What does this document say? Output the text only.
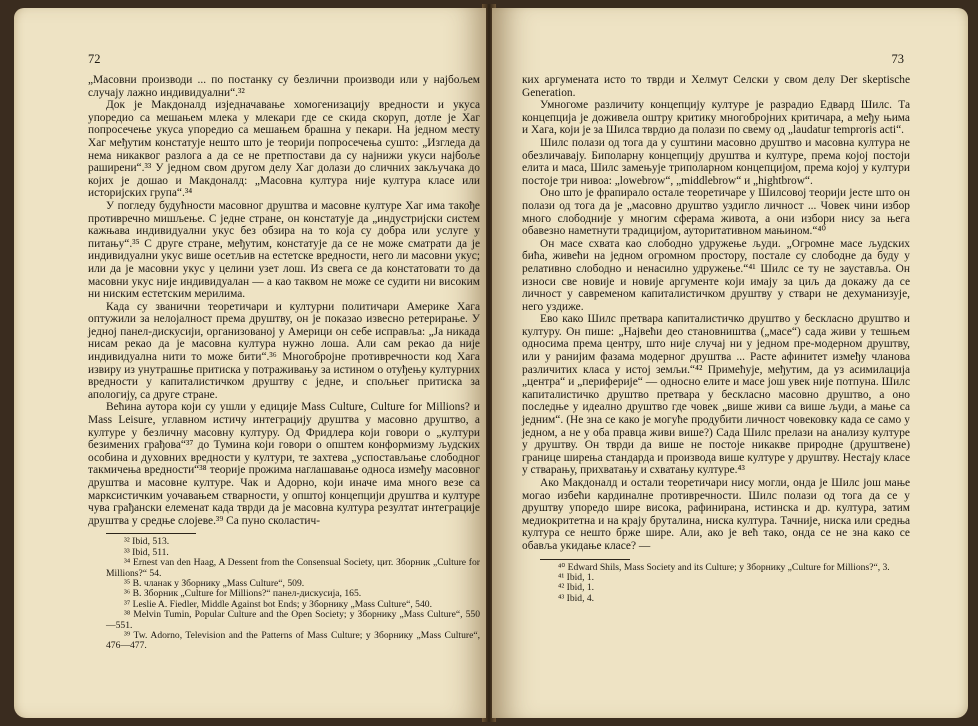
72

„Масовни производи ... по постанку су безлични производи или у најбољем случају лажно индивидуални“.³²

Док је Макдоналд изједначавање хомогенизацију вредности и укуса упоредио са мешањем млека у млекари где се скида скоруп, дотле је Хаг попросечење укуса упоредио са мешањем брашна у пекари. На једном месту Хаг међутим констатује нешто што је теорији попросечења сушто: „Изгледа да нема никаквог разлога а да се не претпостави да су најнижи укуси најбоље раширени“.³³ У једном свом другом делу Хаг долази до сличних закључака до којих је дошао и Макдоналд: „Масовна култура није култура класе или историјских група“.³⁴

У погледу будућности масовног друштва и масовне културе Хаг има такође противречно мишљење. С једне стране, он констатује да „индустријски систем кажњава индивидуални укус без обзира на то која су добра или услуге у питању“.³⁵ С друге стране, међутим, констатује да се не може сматрати да је индивидуални укус више осетљив на естетске вредности, него ли масовни укус; или да је масовни укус у целини узет лош. Из свега се да констатовати то да масовни укус није индивидуалан — а као таквом не може се судити ни високим ни ниским естетским мерилима.

Када су званични теоретичари и културни политичари Америке Хага оптужили за нелојалност према друштву, он је показао извесно ретерирање. У једној панел-дискусији, организованој у Америци он себе исправља: „Ја никада нисам рекао да је масовна култура нужно лоша. Али сам рекао да није индивидуална нити то може бити“.³⁶ Многобројне противречности код Хага извиру из унутрашње притиска у потраживању за истином о отуђењу културних вредности у капиталистичком друштву с једне, и спољњег притиска за апологију, са друге стране.

Већина аутора који су ушли у едиције Mass Culture, Culture for Millions? и Mass Leisure, углавном истичу интеграцију друштва у масовно друштво, а културе у безличну масовну културу. Од Фридлера који говори о „култури безимених грађова“³⁷ до Тумина који говори о општем конформизму људских особина и духовних вредности у култури, те захтева „успостављање слободног такмичења вредности“³⁸ теорије прожима наглашавање односа између масовног друштва и масовне културе. Чак и Адорно, који иначе има много везе са марксистичким уочавањем стварности, у општој концепцији друштва и културе чува грађански елеменат када тврди да је масовна култура резултат интеграције друштва у средње слојеве.³⁹ Са пуно сколастич-

³² Ibid, 513.

³³ Ibid, 511.

³⁴ Ernest van den Haag, A Dessent from the Consensual Society, цит. Зборник „Culture for Millions?“ 54.

³⁵ В. чланак у Зборнику „Mass Culture“, 509.

³⁶ В. Зборник „Culture for Millions?“ панел-дискусија, 165.

³⁷ Leslie A. Fiedler, Middle Against bot Ends; у Зборнику „Mass Culture“, 540.

³⁸ Melvin Tumin, Popular Culture and the Open Society; у Зборнику „Mass Culture“, 550—551.

³⁹ Tw. Adorno, Television and the Patterns of Mass Culture; у Зборнику „Mass Culture“, 476—477.

73

ких аргумената исто то тврди и Хелмут Селски у свом делу Der skeptische Generation.

Умногоме различиту концепцију културе је разрадио Едвард Шилс. Та концепција је доживела оштру критику многобројних критичара, а међу њима и Хага, који је за Шилса тврдио да полази по свему од „laudatur temproris acti“.

Шилс полази од тога да у суштини масовно друштво и масовна култура не обезличавају. Биполарну концепцију друштва и културе, према којој постоји елита и маса, Шилс замењује триполарном концепцијом, према којој у култури постоје три нивоа: „lowebrow“, „middlebrow“ и „hightbrow“.

Оно што је фрапирало остале теоретичаре у Шилсовој теорији јесте што он полази од тога да је „масовно друштво уздигло личност ... Човек чини избор много слободније у многим сферама живота, а они избори нису за њега обавезно наметнути традицијом, ауторитативном мањином.“⁴⁰

Он масе схвата као слободно удружење људи. „Огромне масе људских бића, живећи на једном огромном простору, постале су слободне да буду у релативно слободно и ненасилно удружење.“⁴¹ Шилс се ту не зауставља. Он износи све новије и новије аргументе који имају за циљ да докажу да се личност у савременом капиталистичком друштву у ствари не дехуманизује, него уздиже.

Ево како Шилс претвара капиталистичко друштво у бескласно друштво и културу. Он пише: „Највећи део становништва („масе“) сада живи у тешњем односима према центру, што није случај ни у једном пре-модерном друштву, или у ранијим фазама модерног друштва ... Расте афинитет између чланова различитих класа у истој земљи.“⁴² Примећује, међутим, да уз асимилација „центра“ и „периферије“ — односно елите и масе још увек није потпуна. Шилс капиталистичко друштво претвара у бескласно масовно друштво, а оно последње у идеално друштво где човек „више живи са више људи, а мање са једним“. (Не зна се како је могуће продубити личност човековку када се само у једном, а не у оба правца живи више?) Сада Шилс прелази на анализу културе у друштву. Он тврди да више не постоје никакве природне (друштвене) границе ширења стандарда и производа више културе у друштву. Нестају класе у стварању, прихватању и схватању културе.⁴³

Ако Макдоналд и остали теоретичари нису могли, онда је Шилс још мање могао избећи кардиналне противречности. Шилс полази од тога да се у друштву упоредо шире висока, рафинирана, истинска и др. култура, затим медиокритетна и на крају бруталина, ниска култура. Тачније, ниска или средња култура се нешто брже шире. Али, ако је већ тако, онда се не зна како се обавља укидање класе? —

⁴⁰ Edward Shils, Mass Society and its Culture; у Зборнику „Culture for Millions?“, 3.

⁴¹ Ibid, 1.

⁴² Ibid, 1.

⁴³ Ibid, 4.
